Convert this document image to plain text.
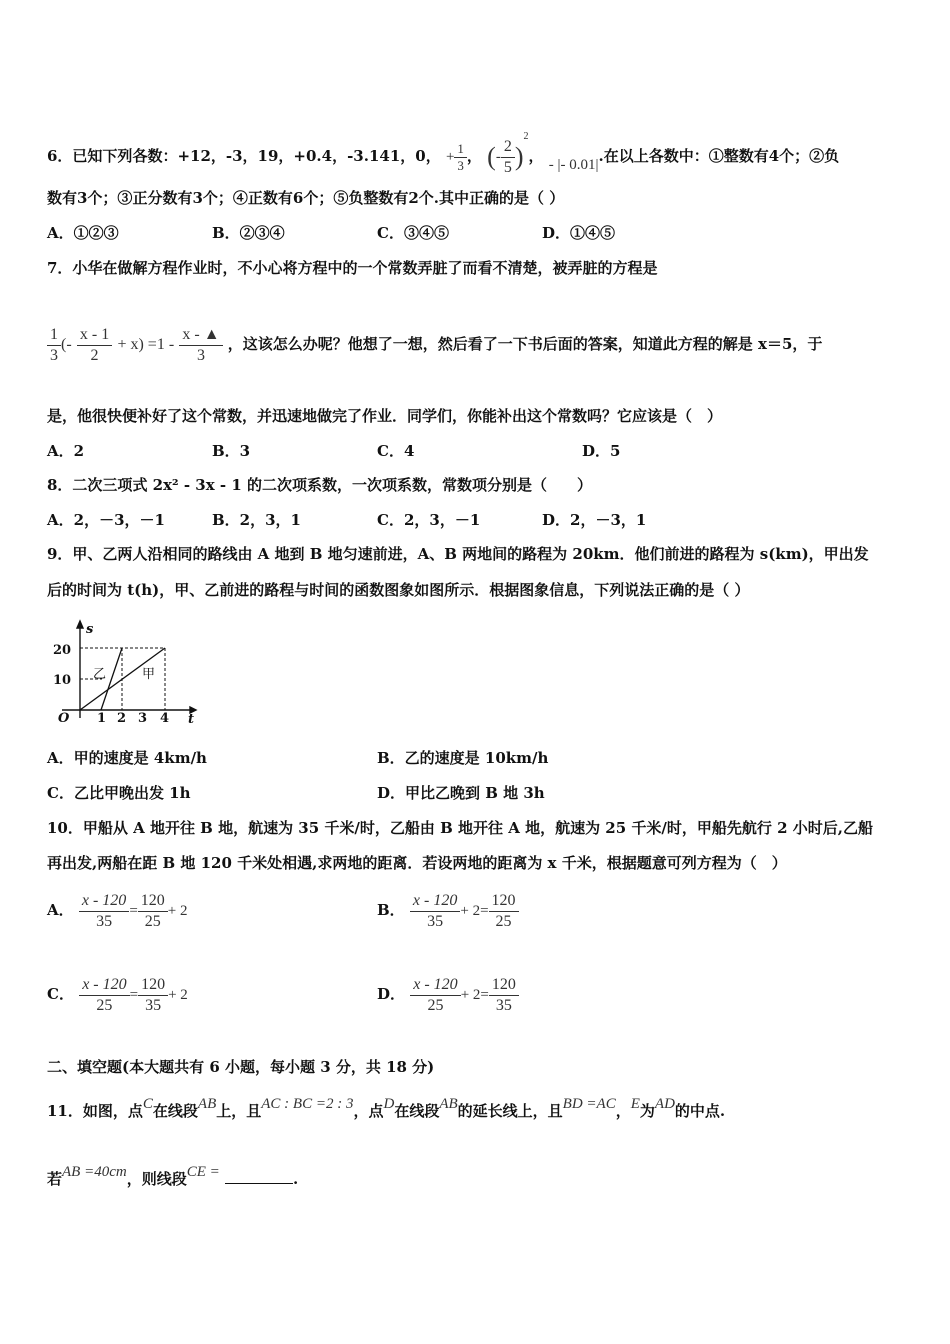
6．已知下列各数：+12，-3，19，+0.4，-3.141，0， + $\frac{1}{3}$ ， (- $\frac{2}{5} )^2$， - |- 0.01|.在以上各数中：①整数有4个；②负
数有3个；③正分数有3个；④正数有6个；⑤负整数有2个.其中正确的是（ ）
A．①②③	B．②③④	C．③④⑤	D．①④⑤
7．小华在做解方程作业时，不小心将方程中的一个常数弄脏了而看不清楚，被弄脏的方程是
$\frac{1}{3}$ (- $\frac{x - 1}{2} + x) =1 - \frac{x - ▲}{3}$ ，这该怎么办呢？他想了一想，然后看了一下书后面的答案，知道此方程的解是 x＝5，于
是，他很快便补好了这个常数，并迅速地做完了作业．同学们，你能补出这个常数吗？它应该是（　）
A．2	B．3	C．4	D．5
8．二次三项式 2x² - 3x - 1 的二次项系数，一次项系数，常数项分别是（　　）
A．2，－3，－1	B．2，3，1	C．2，3，－1	D．2，－3，1
9．甲、乙两人沿相同的路线由 A 地到 B 地匀速前进，A、B 两地间的路程为 20km．他们前进的路程为 s(km)，甲出发
后的时间为 t(h)，甲、乙前进的路程与时间的函数图象如图所示．根据图象信息，下列说法正确的是（ ）
s
t
O
20
10
1 2 3 4
乙	甲
A．甲的速度是 4km/h	B．乙的速度是 10km/h
C．乙比甲晚出发 1h	D．甲比乙晚到 B 地 3h
10．甲船从 A 地开往 B 地，航速为 35 千米/时，乙船由 B 地开往 A 地，航速为 25 千米/时，甲船先航行 2 小时后,乙船
再出发,两船在距 B 地 120 千米处相遇,求两地的距离．若设两地的距离为 x 千米，根据题意可列方程为（　）
A． $\frac{x - 120}{35} = \frac{120}{25} + 2$	B． $\frac{x - 120}{35} + 2= \frac{120}{25}$
C． $\frac{x - 120}{25} = \frac{120}{35} + 2$	D． $\frac{x - 120}{25} + 2= \frac{120}{35}$
二、填空题(本大题共有 6 小题，每小题 3 分，共 18 分)
11．如图，点C在线段AB上，且AC : BC =2 : 3，点D在线段AB的延长线上，且BD =AC，E为AD的中点.
若AB =40cm，则线段CE =	.
